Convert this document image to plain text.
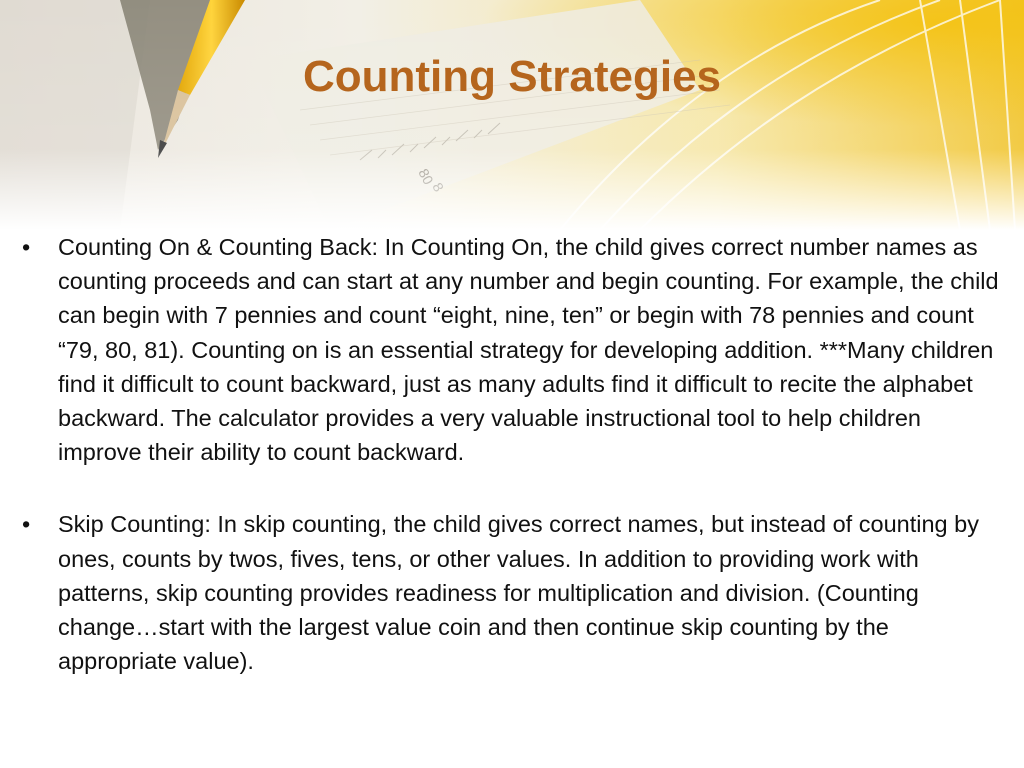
Counting Strategies

• Counting On & Counting Back: In Counting On, the child gives correct number names as counting proceeds and can start at any number and begin counting. For example, the child can begin with 7 pennies and count “eight, nine, ten” or begin with 78 pennies and count “79, 80, 81). Counting on is an essential strategy for developing addition. ***Many children find it difficult to count backward, just as many adults find it difficult to recite the alphabet backward. The calculator provides a very valuable instructional tool to help children improve their ability to count backward.

• Skip Counting: In skip counting, the child gives correct names, but instead of counting by ones, counts by twos, fives, tens, or other values. In addition to providing work with patterns, skip counting provides readiness for multiplication and division. (Counting change…start with the largest value coin and then continue skip counting by the appropriate value).
